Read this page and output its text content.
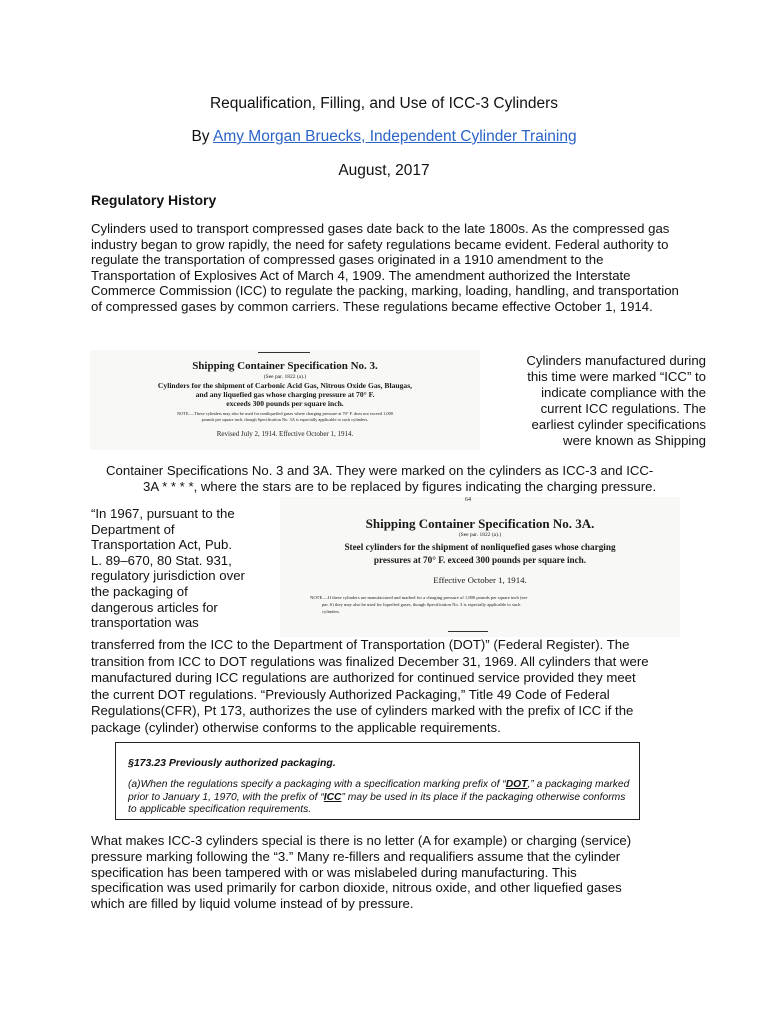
Requalification, Filling, and Use of ICC-3 Cylinders
By Amy Morgan Bruecks, Independent Cylinder Training
August, 2017
Regulatory History
Cylinders used to transport compressed gases date back to the late 1800s. As the compressed gas industry began to grow rapidly, the need for safety regulations became evident. Federal authority to regulate the transportation of compressed gases originated in a 1910 amendment to the Transportation of Explosives Act of March 4, 1909. The amendment authorized the Interstate Commerce Commission (ICC) to regulate the packing, marking, loading, handling, and transportation of compressed gases by common carriers. These regulations became effective October 1, 1914.
Shipping Container Specification No. 3.
(See par. 1822 (a).)
Cylinders for the shipment of Carbonic Acid Gas, Nitrous Oxide Gas, Blaugas,
and any liquefied gas whose charging pressure at 70° F.
exceeds 300 pounds per square inch.
NOTE.—These cylinders may also be used for nonliquefied gases where charging pressure at 70° F. does not exceed 1,000
pounds per square inch, though Specification No. 3A is especially applicable to such cylinders.
Revised July 2, 1914. Effective October 1, 1914.
Cylinders manufactured during
this time were marked “ICC” to
indicate compliance with the
current ICC regulations. The
earliest cylinder specifications
were known as Shipping
Container Specifications No. 3 and 3A. They were marked on the cylinders as ICC-3 and ICC-
3A * * * *, where the stars are to be replaced by figures indicating the charging pressure.
64
Shipping Container Specification No. 3A.
(See par. 1822 (a).)
Steel cylinders for the shipment of nonliquefied gases whose charging
pressures at 70° F. exceed 300 pounds per square inch.
Effective October 1, 1914.
NOTE.—If these cylinders are manufactured and marked for a charging pressure of 1,800 pounds per square inch (see
par. 6) they may also be used for liquefied gases, though Specification No. 3 is especially applicable to such
cylinders.
“In 1967, pursuant to the
Department of
Transportation Act, Pub.
L. 89–670, 80 Stat. 931,
regulatory jurisdiction over
the packaging of
dangerous articles for
transportation was
transferred from the ICC to the Department of Transportation (DOT)” (Federal Register). The
transition from ICC to DOT regulations was finalized December 31, 1969. All cylinders that were
manufactured during ICC regulations are authorized for continued service provided they meet
the current DOT regulations. “Previously Authorized Packaging,” Title 49 Code of Federal
Regulations(CFR), Pt 173, authorizes the use of cylinders marked with the prefix of ICC if the
package (cylinder) otherwise conforms to the applicable requirements.
§173.23 Previously authorized packaging.
(a)When the regulations specify a packaging with a specification marking prefix of “DOT,” a packaging marked prior to January 1, 1970, with the prefix of “ICC” may be used in its place if the packaging otherwise conforms to applicable specification requirements.
What makes ICC-3 cylinders special is there is no letter (A for example) or charging (service)
pressure marking following the “3.” Many re-fillers and requalifiers assume that the cylinder
specification has been tampered with or was mislabeled during manufacturing. This
specification was used primarily for carbon dioxide, nitrous oxide, and other liquefied gases
which are filled by liquid volume instead of by pressure.
